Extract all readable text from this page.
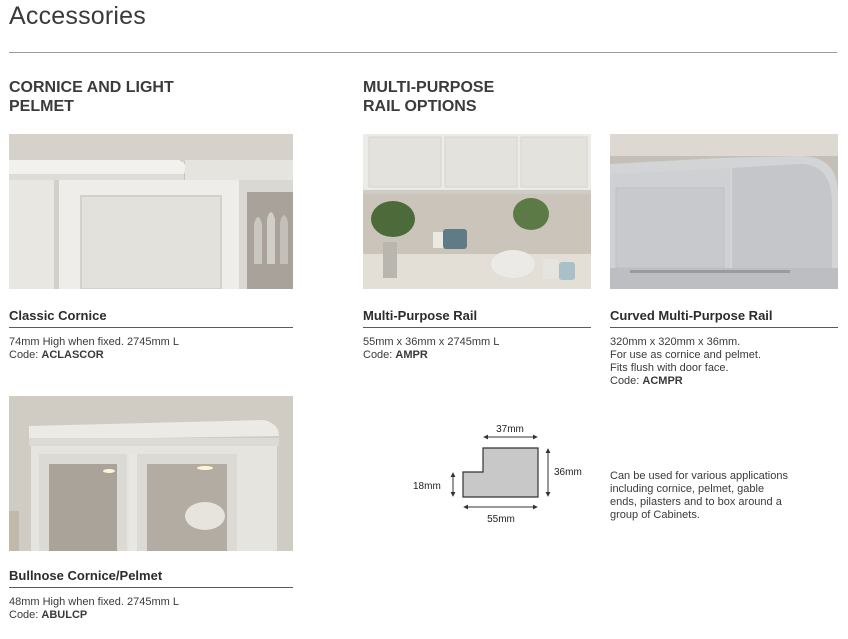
Accessories
CORNICE AND LIGHT
PELMET
MULTI-PURPOSE
RAIL OPTIONS
Classic Cornice	Multi-Purpose Rail	Curved Multi-Purpose Rail
74mm High when fixed. 2745mm L
Code: ACLASCOR
55mm x 36mm x 2745mm L
Code: AMPR
320mm x 320mm x 36mm.
For use as cornice and pelmet.
Fits flush with door face.
Code: ACMPR
Bullnose Cornice/Pelmet
48mm High when fixed. 2745mm L
Code: ABULCP
37mm
36mm
18mm
55mm
Can be used for various applications
including cornice, pelmet, gable
ends, pilasters and to box around a
group of Cabinets.
